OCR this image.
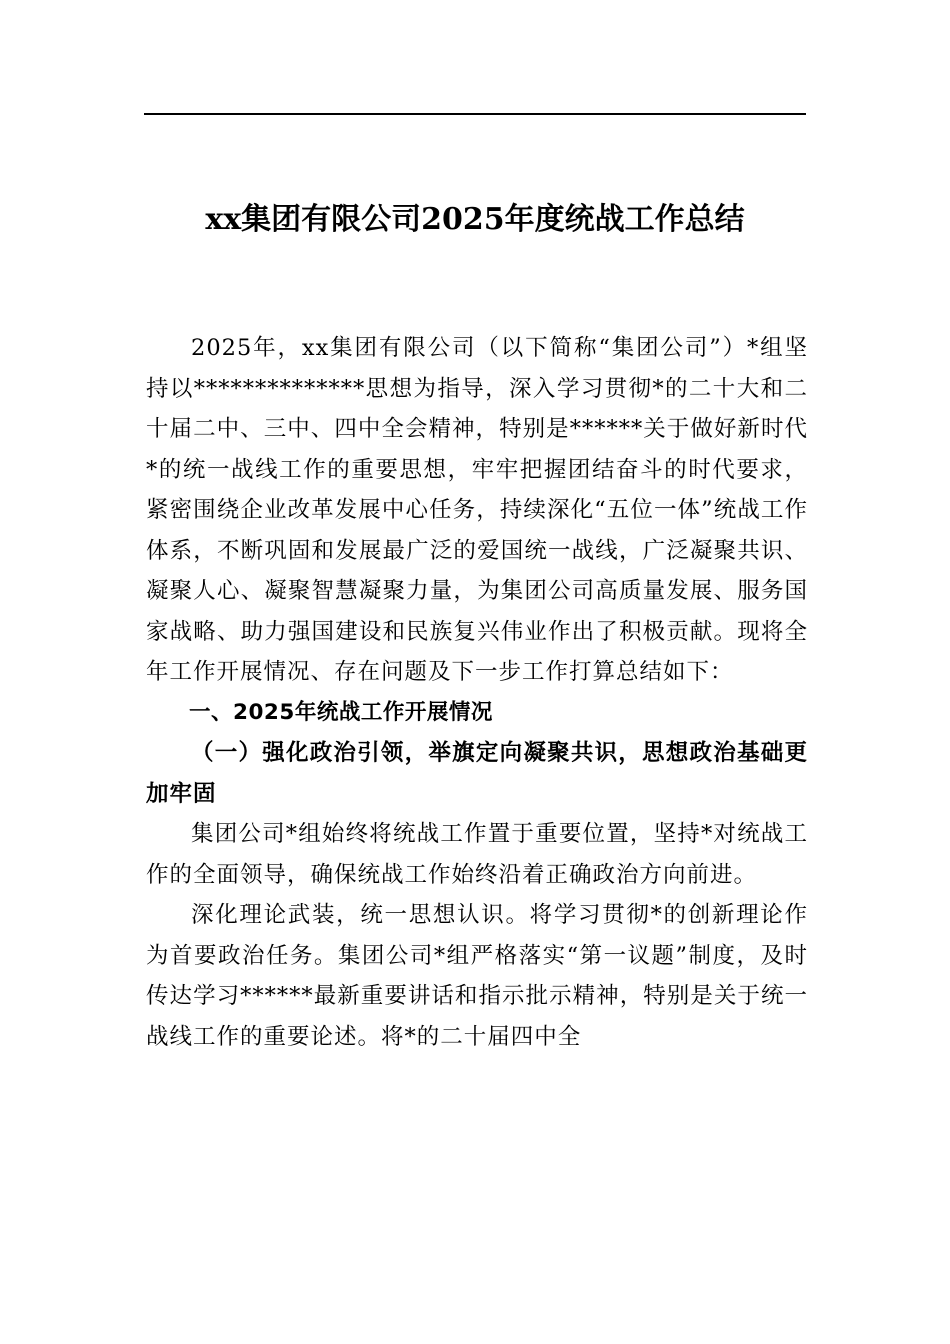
xx集团有限公司2025年度统战工作总结

2025年，xx集团有限公司（以下简称“集团公司”）*组坚持以**************思想为指导，深入学习贯彻*的二十大和二十届二中、三中、四中全会精神，特别是******关于做好新时代*的统一战线工作的重要思想，牢牢把握团结奋斗的时代要求，紧密围绕企业改革发展中心任务，持续深化“五位一体”统战工作体系，不断巩固和发展最广泛的爱国统一战线，广泛凝聚共识、凝聚人心、凝聚智慧凝聚力量，为集团公司高质量发展、服务国家战略、助力强国建设和民族复兴伟业作出了积极贡献。现将全年工作开展情况、存在问题及下一步工作打算总结如下：

一、2025年统战工作开展情况

（一）强化政治引领，举旗定向凝聚共识，思想政治基础更加牢固

集团公司*组始终将统战工作置于重要位置，坚持*对统战工作的全面领导，确保统战工作始终沿着正确政治方向前进。

深化理论武装，统一思想认识。将学习贯彻*的创新理论作为首要政治任务。集团公司*组严格落实“第一议题”制度，及时传达学习******最新重要讲话和指示批示精神，特别是关于统一战线工作的重要论述。将*的二十届四中全
